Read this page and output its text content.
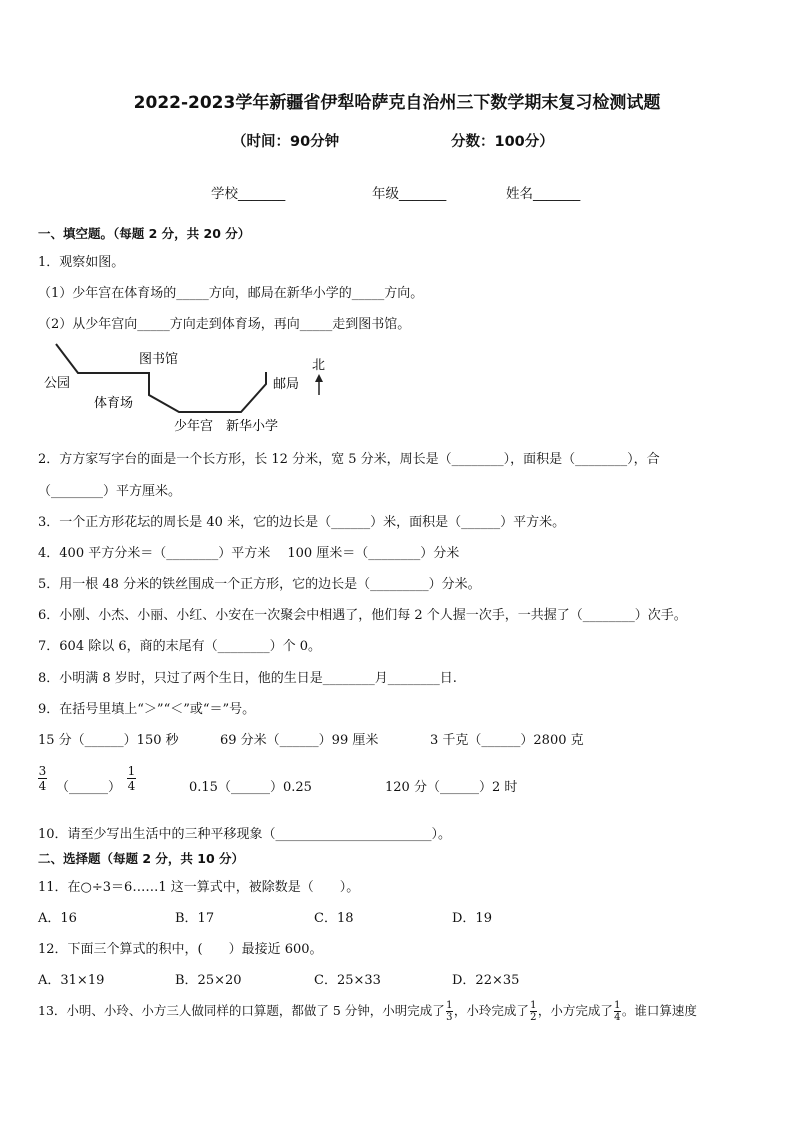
2022-2023学年新疆省伊犁哈萨克自治州三下数学期末复习检测试题
（时间：90分钟	分数：100分）
学校_______	年级_______	姓名_______
一、填空题。（每题 2 分，共 20 分）
1．观察如图。
（1）少年宫在体育场的_____方向，邮局在新华小学的_____方向。
（2）从少年宫向_____方向走到体育场，再向_____走到图书馆。
公园
图书馆
体育场
少年宫 新华小学
邮局
北
2．方方家写字台的面是一个长方形，长 12 分米，宽 5 分米，周长是（________），面积是（________），合
（________）平方厘米。
3．一个正方形花坛的周长是 40 米，它的边长是（______）米，面积是（______）平方米。
4．400 平方分米＝（________）平方米　 100 厘米＝（________）分米
5．用一根 48 分米的铁丝围成一个正方形，它的边长是（_________）分米。
6．小刚、小杰、小丽、小红、小安在一次聚会中相遇了，他们每 2 个人握一次手，一共握了（________）次手。
7．604 除以 6，商的末尾有（________）个 0。
8．小明满 8 岁时，只过了两个生日，他的生日是________月________日.
9．在括号里填上“＞”“＜”或“＝”号。
15 分（______）150 秒	69 分米（______）99 厘米	3 千克（______）2800 克
3
4 （______）
1
4	0.15（______）0.25	120 分（______）2 时
10．请至少写出生活中的三种平移现象（________________________）。
二、选择题（每题 2 分，共 10 分）
11．在○÷3＝6……1 这一算式中，被除数是（　　）。
A．16	B．17	C．18	D．19
12．下面三个算式的积中，(　　）最接近 600。
A．31×19	B．25×20	C．25×33	D．22×35
13．小明、小玲、小方三人做同样的口算题，都做了 5 分钟，小明完成了 $\frac{1}{3}$ ，小玲完成了 $\frac{1}{2}$ ，小方完成了 $\frac{1}{4}$ 。谁口算速度
